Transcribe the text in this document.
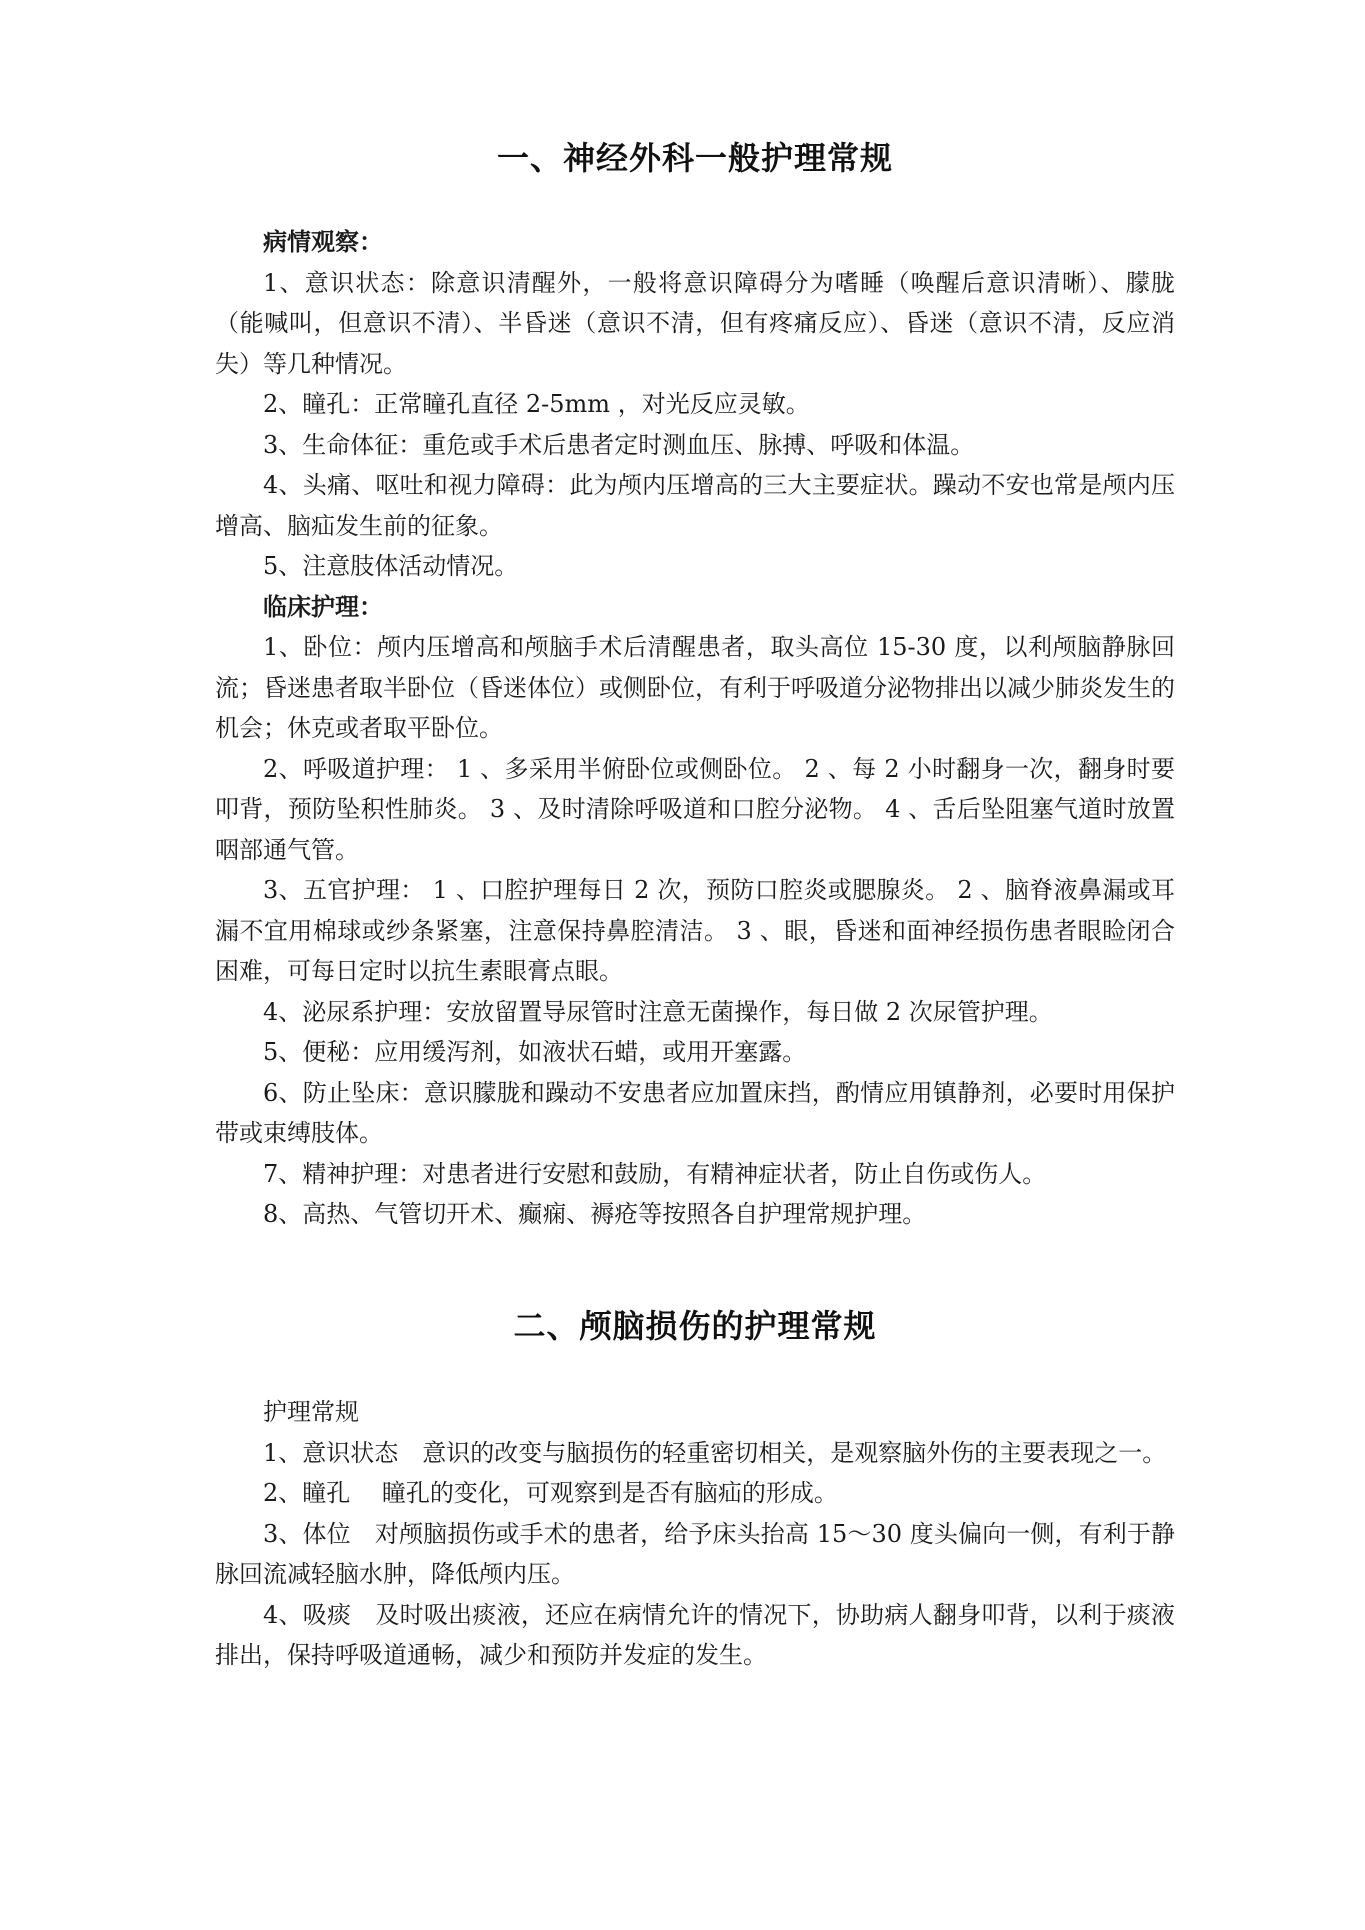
一、神经外科一般护理常规

病情观察：

1、意识状态：除意识清醒外，一般将意识障碍分为嗜睡（唤醒后意识清晰）、朦胧（能喊叫，但意识不清）、半昏迷（意识不清，但有疼痛反应）、昏迷（意识不清，反应消失）等几种情况。

2、瞳孔：正常瞳孔直径 2-5mm ，对光反应灵敏。

3、生命体征：重危或手术后患者定时测血压、脉搏、呼吸和体温。

4、头痛、呕吐和视力障碍：此为颅内压增高的三大主要症状。躁动不安也常是颅内压增高、脑疝发生前的征象。

5、注意肢体活动情况。

临床护理：

1、卧位：颅内压增高和颅脑手术后清醒患者，取头高位 15-30 度，以利颅脑静脉回流；昏迷患者取半卧位（昏迷体位）或侧卧位，有利于呼吸道分泌物排出以减少肺炎发生的机会；休克或者取平卧位。

2、呼吸道护理： 1 、多采用半俯卧位或侧卧位。 2 、每 2 小时翻身一次，翻身时要叩背，预防坠积性肺炎。 3 、及时清除呼吸道和口腔分泌物。 4 、舌后坠阻塞气道时放置咽部通气管。

3、五官护理： 1 、口腔护理每日 2 次，预防口腔炎或腮腺炎。 2 、脑脊液鼻漏或耳漏不宜用棉球或纱条紧塞，注意保持鼻腔清洁。 3 、眼，昏迷和面神经损伤患者眼睑闭合困难，可每日定时以抗生素眼膏点眼。

4、泌尿系护理：安放留置导尿管时注意无菌操作，每日做 2 次尿管护理。

5、便秘：应用缓泻剂，如液状石蜡，或用开塞露。

6、防止坠床：意识朦胧和躁动不安患者应加置床挡，酌情应用镇静剂，必要时用保护带或束缚肢体。

7、精神护理：对患者进行安慰和鼓励，有精神症状者，防止自伤或伤人。

8、高热、气管切开术、癫痫、褥疮等按照各自护理常规护理。

二、颅脑损伤的护理常规

护理常规

1、意识状态　意识的改变与脑损伤的轻重密切相关，是观察脑外伤的主要表现之一。

2、瞳孔　 瞳孔的变化，可观察到是否有脑疝的形成。

3、体位　对颅脑损伤或手术的患者，给予床头抬高 15～30 度头偏向一侧，有利于静脉回流减轻脑水肿，降低颅内压。

4、吸痰　及时吸出痰液，还应在病情允许的情况下，协助病人翻身叩背，以利于痰液排出，保持呼吸道通畅，减少和预防并发症的发生。
